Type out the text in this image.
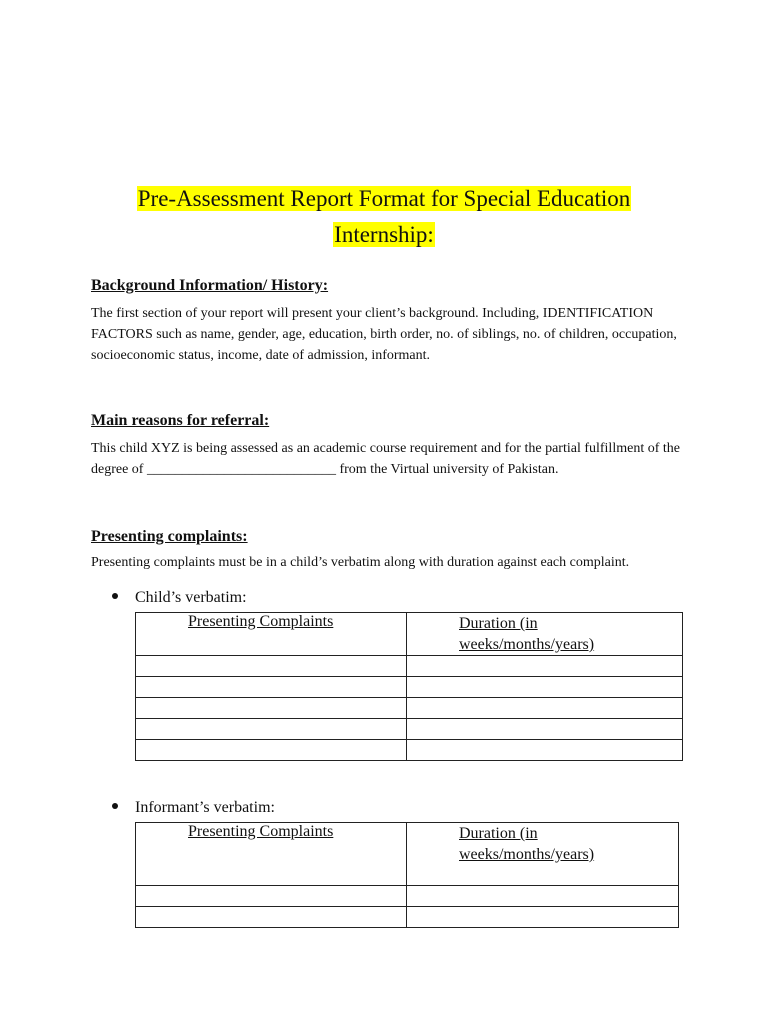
Pre-Assessment Report Format for Special Education
Internship:
Background Information/ History:
The first section of your report will present your client’s background. Including, IDENTIFICATION FACTORS such as name, gender, age, education, birth order, no. of siblings, no. of children, occupation, socioeconomic status, income, date of admission, informant.
Main reasons for referral:
This child XYZ is being assessed as an academic course requirement and for the partial fulfillment of the degree of ___________________________ from the Virtual university of Pakistan.
Presenting complaints:
Presenting complaints must be in a child’s verbatim along with duration against each complaint.
Child’s verbatim:
Presenting Complaints	Duration (in
weeks/months/years)

Informant’s verbatim:
Presenting Complaints	Duration (in
weeks/months/years)
